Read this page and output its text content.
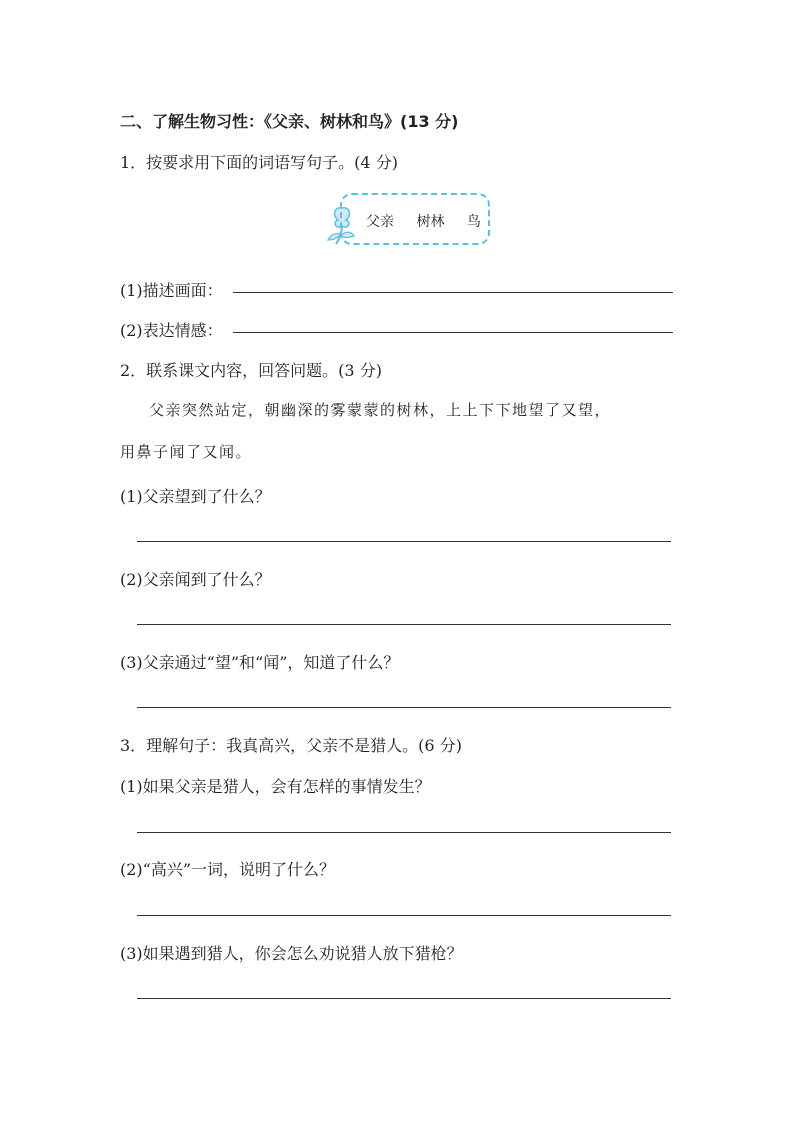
二、了解生物习性：《父亲、树林和鸟》(13 分)
1．按要求用下面的词语写句子。(4 分)
父亲 树林 鸟
(1)描述画面：
(2)表达情感：
2．联系课文内容，回答问题。(3 分)
父亲突然站定，朝幽深的雾蒙蒙的树林，上上下下地望了又望，
用鼻子闻了又闻。
(1)父亲望到了什么？
(2)父亲闻到了什么？
(3)父亲通过“望”和“闻”，知道了什么？
3．理解句子：我真高兴，父亲不是猎人。(6 分)
(1)如果父亲是猎人，会有怎样的事情发生？
(2)“高兴”一词，说明了什么？
(3)如果遇到猎人，你会怎么劝说猎人放下猎枪？
